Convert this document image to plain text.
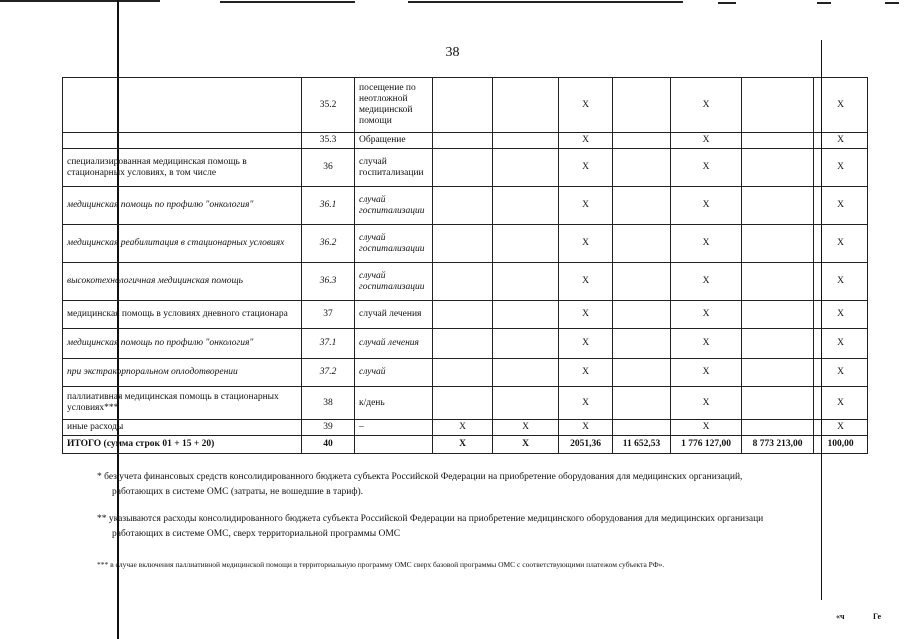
38
	35.2	посещение по неотложной медицинской помощи			X		X		X
	35.3	Обращение			X		X		X
специализированная медицинская помощь в стационарных условиях, в том числе	36	случай госпитализации			X		X		X
медицинская помощь по профилю "онкология"	36.1	случай госпитализации			X		X		X
медицинская реабилитация в стационарных условиях	36.2	случай госпитализации			X		X		X
высокотехнологичная медицинская помощь	36.3	случай госпитализации			X		X		X
медицинская помощь в условиях дневного стационара	37	случай лечения			X		X		X
медицинская помощь по профилю "онкология"	37.1	случай лечения			X		X		X
при экстракорпоральном оплодотворении	37.2	случай			X		X		X
паллиативная медицинская помощь в стационарных условиях***	38	к/день			X		X		X
иные расходы	39	–	X	X	X		X		X
ИТОГО (сумма строк 01 + 15 + 20)	40		X	X	2051,36	11 652,53	1 776 127,00	8 773 213,00	100,00
* без учета финансовых средств консолидированного бюджета субъекта Российской Федерации на приобретение оборудования для медицинских организаций,
работающих в системе ОМС (затраты, не вошедшие в тариф).
** указываются расходы консолидированного бюджета субъекта Российской Федерации на приобретение медицинского оборудования для медицинских организаци
работающих в системе ОМС, сверх территориальной программы ОМС
*** в случае включения паллиативной медицинской помощи в территориальную программу ОМС сверх базовой программы ОМС с соответствующими платежом субъекта РФ».
«ч	Ге
